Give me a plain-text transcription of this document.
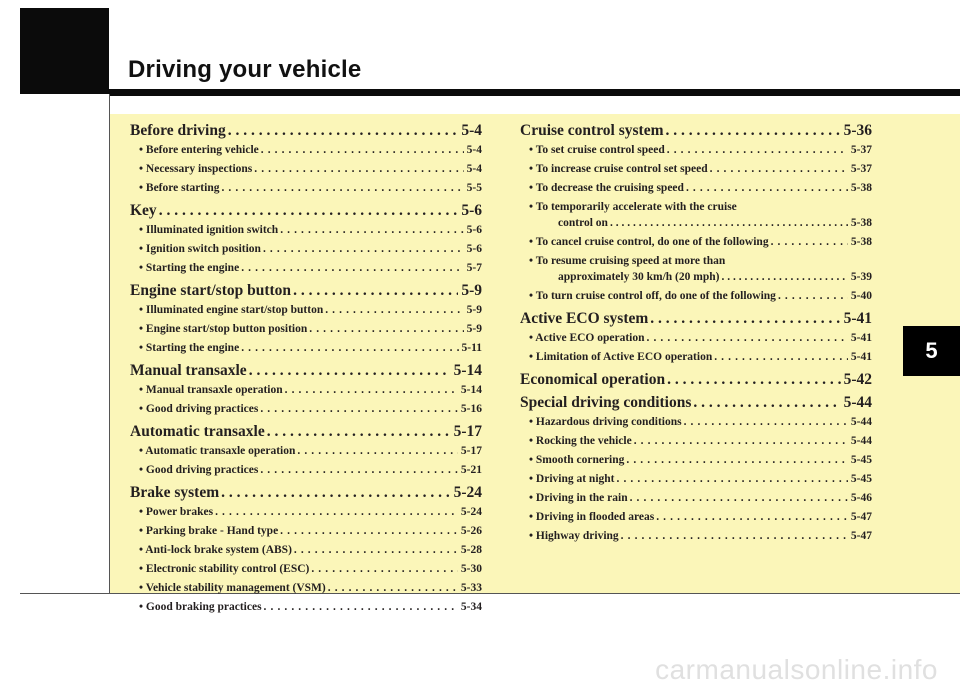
Driving your vehicle
5
Before driving . . .	5-4
• Before entering vehicle . . .	5-4
• Necessary inspections . . .	5-4
• Before starting . . .	5-5
Key . . .	5-6
• Illuminated ignition switch . . .	5-6
• Ignition switch position . . .	5-6
• Starting the engine . . .	5-7
Engine start/stop button . . .	5-9
• Illuminated engine start/stop button . . .	5-9
• Engine start/stop button position . . .	5-9
• Starting the engine . . .	5-11
Manual transaxle . . .	5-14
• Manual transaxle operation . . .	5-14
• Good driving practices . . .	5-16
Automatic transaxle . . .	5-17
• Automatic transaxle operation . . .	5-17
• Good driving practices . . .	5-21
Brake system . . .	5-24
• Power brakes . . .	5-24
• Parking brake - Hand type . . .	5-26
• Anti-lock brake system (ABS) . . .	5-28
• Electronic stability control (ESC) . . .	5-30
• Vehicle stability management (VSM) . . .	5-33
• Good braking practices . . .	5-34
Cruise control system . . .	5-36
• To set cruise control speed . . .	5-37
• To increase cruise control set speed . . .	5-37
• To decrease the cruising speed . . .	5-38
• To temporarily accelerate with the cruise
control on . . .	5-38
• To cancel cruise control, do one of the following . . .	5-38
• To resume cruising speed at more than
approximately 30 km/h (20 mph) . . .	5-39
• To turn cruise control off, do one of the following . . .	5-40
Active ECO system . . .	5-41
• Active ECO operation . . .	5-41
• Limitation of Active ECO operation . . .	5-41
Economical operation . . .	5-42
Special driving conditions . . .	5-44
• Hazardous driving conditions . . .	5-44
• Rocking the vehicle . . .	5-44
• Smooth cornering . . .	5-45
• Driving at night . . .	5-45
• Driving in the rain . . .	5-46
• Driving in flooded areas . . .	5-47
• Highway driving . . .	5-47
carmanualsonline.info
